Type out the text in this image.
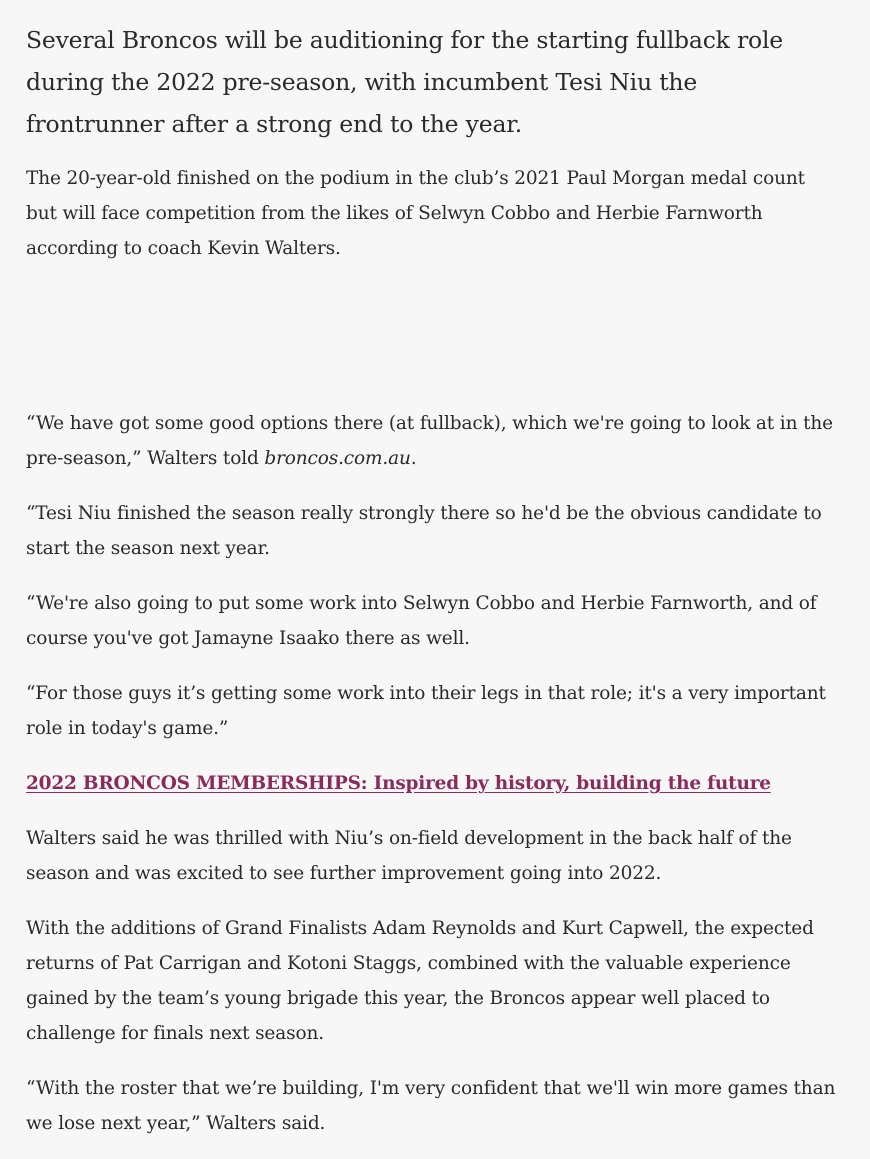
Several Broncos will be auditioning for the starting fullback role during the 2022 pre-season, with incumbent Tesi Niu the frontrunner after a strong end to the year.

The 20-year-old finished on the podium in the club’s 2021 Paul Morgan medal count but will face competition from the likes of Selwyn Cobbo and Herbie Farnworth according to coach Kevin Walters.

“We have got some good options there (at fullback), which we're going to look at in the pre-season,” Walters told broncos.com.au.

“Tesi Niu finished the season really strongly there so he'd be the obvious candidate to start the season next year.

“We're also going to put some work into Selwyn Cobbo and Herbie Farnworth, and of course you've got Jamayne Isaako there as well.

“For those guys it’s getting some work into their legs in that role; it's a very important role in today's game.”

2022 BRONCOS MEMBERSHIPS: Inspired by history, building the future

Walters said he was thrilled with Niu’s on-field development in the back half of the season and was excited to see further improvement going into 2022.

With the additions of Grand Finalists Adam Reynolds and Kurt Capwell, the expected returns of Pat Carrigan and Kotoni Staggs, combined with the valuable experience gained by the team’s young brigade this year, the Broncos appear well placed to challenge for finals next season.

“With the roster that we’re building, I'm very confident that we'll win more games than we lose next year,” Walters said.
